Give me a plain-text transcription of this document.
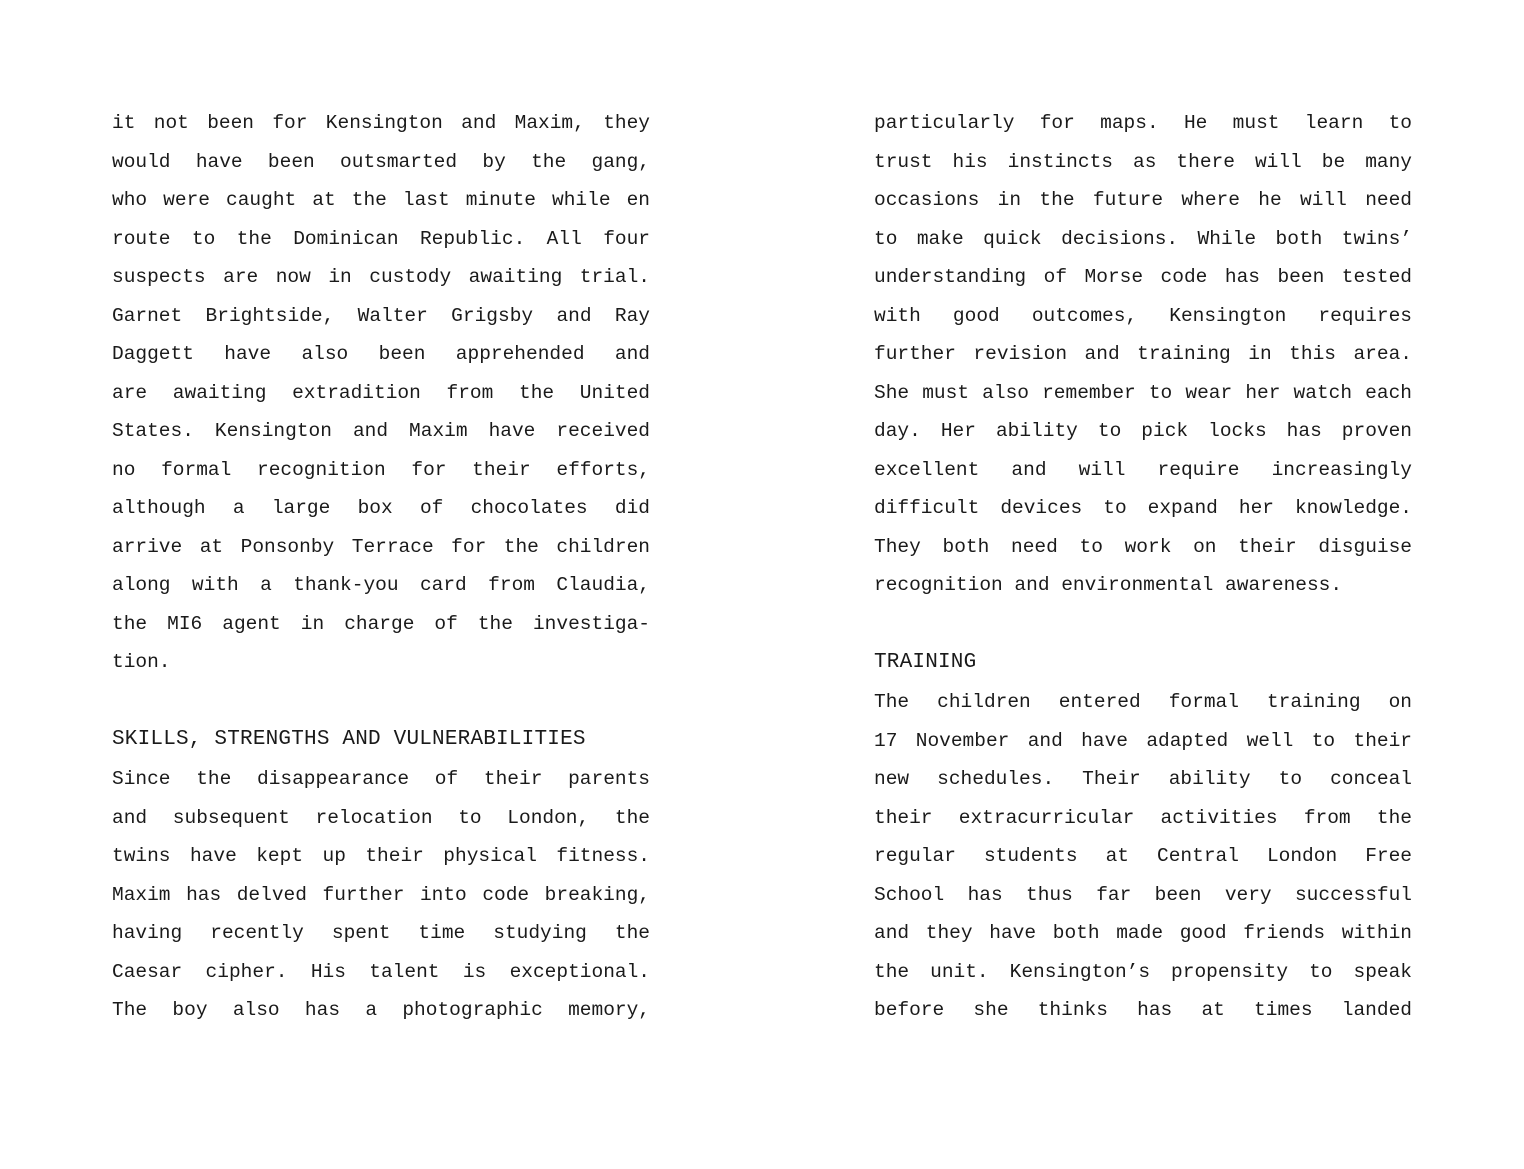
it not been for Kensington and Maxim, they
would have been outsmarted by the gang,
who were caught at the last minute while en
route to the Dominican Republic. All four
suspects are now in custody awaiting trial.
Garnet Brightside, Walter Grigsby and Ray
Daggett have also been apprehended and
are awaiting extradition from the United
States. Kensington and Maxim have received
no formal recognition for their efforts,
although a large box of chocolates did
arrive at Ponsonby Terrace for the children
along with a thank-you card from Claudia,
the MI6 agent in charge of the investiga-
tion.
SKILLS, STRENGTHS AND VULNERABILITIES
Since the disappearance of their parents
and subsequent relocation to London, the
twins have kept up their physical fitness.
Maxim has delved further into code breaking,
having recently spent time studying the
Caesar cipher. His talent is exceptional.
The boy also has a photographic memory,
particularly for maps. He must learn to
trust his instincts as there will be many
occasions in the future where he will need
to make quick decisions. While both twins’
understanding of Morse code has been tested
with good outcomes, Kensington requires
further revision and training in this area.
She must also remember to wear her watch each
day. Her ability to pick locks has proven
excellent and will require increasingly
difficult devices to expand her knowledge.
They both need to work on their disguise
recognition and environmental awareness.
TRAINING
The children entered formal training on
17 November and have adapted well to their
new schedules. Their ability to conceal
their extracurricular activities from the
regular students at Central London Free
School has thus far been very successful
and they have both made good friends within
the unit. Kensington’s propensity to speak
before she thinks has at times landed
